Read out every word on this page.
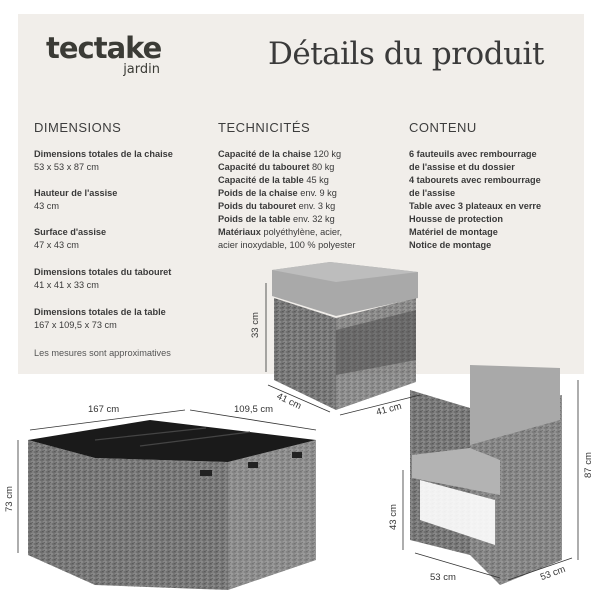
tectake
jardin	Détails du produit
DIMENSIONS
Dimensions totales de la chaise
53 x 53 x 87 cm
Hauteur de l'assise
43 cm
Surface d'assise
47 x 43 cm
Dimensions totales du tabouret
41 x 41 x 33 cm
Dimensions totales de la table
167 x 109,5 x 73 cm
Les mesures sont approximatives
TECHNICITÉS
Capacité de la chaise 120 kg
Capacité du tabouret 80 kg
Capacité de la table 45 kg
Poids de la chaise env. 9 kg
Poids du tabouret env. 3 kg
Poids de la table env. 32 kg
Matériaux polyéthylène, acier,
acier inoxydable, 100 % polyester
CONTENU
6 fauteuils avec rembourrage
de l'assise et du dossier
4 tabourets avec rembourrage
de l'assise
Table avec 3 plateaux en verre
Housse de protection
Matériel de montage
Notice de montage
33 cm
41 cm	41 cm
167 cm	109,5 cm
73 cm
87 cm
43 cm
53 cm	53 cm
